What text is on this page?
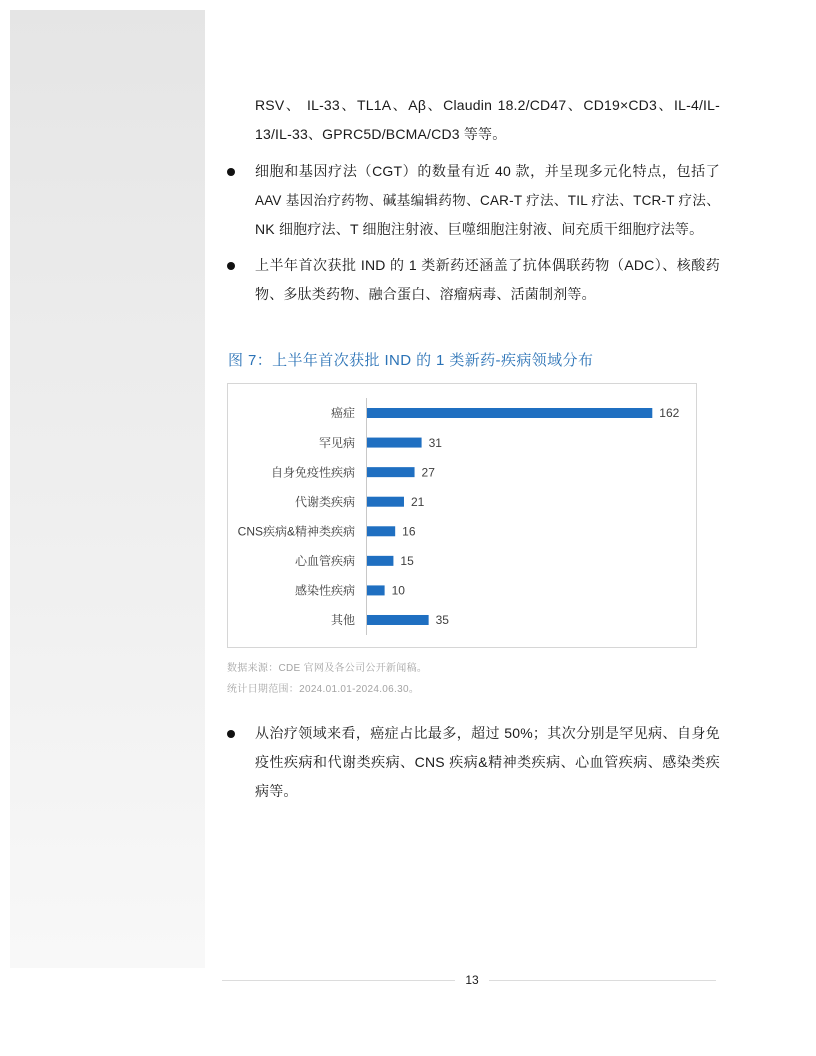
RSV、 IL-33、TL1A、Aβ、Claudin 18.2/CD47、CD19×CD3、IL-4/IL-
13/IL-33、GPRC5D/BCMA/CD3 等等。
细胞和基因疗法（CGT）的数量有近 40 款，并呈现多元化特点，包括了
AAV 基因治疗药物、碱基编辑药物、CAR-T 疗法、TIL 疗法、TCR-T 疗法、
NK 细胞疗法、T 细胞注射液、巨噬细胞注射液、间充质干细胞疗法等。
上半年首次获批 IND 的 1 类新药还涵盖了抗体偶联药物（ADC）、核酸药
物、多肽类药物、融合蛋白、溶瘤病毒、活菌制剂等。
图 7：上半年首次获批 IND 的 1 类新药-疾病领域分布
癌症	162
罕见病	31
自身免疫性疾病	27
代谢类疾病	21
CNS疾病&精神类疾病	16
心血管疾病	15
感染性疾病	10
其他	35
数据来源：CDE 官网及各公司公开新闻稿。
统计日期范围：2024.01.01-2024.06.30。
从治疗领域来看，癌症占比最多，超过 50%；其次分别是罕见病、自身免
疫性疾病和代谢类疾病、CNS 疾病&精神类疾病、心血管疾病、感染类疾
病等。
13
